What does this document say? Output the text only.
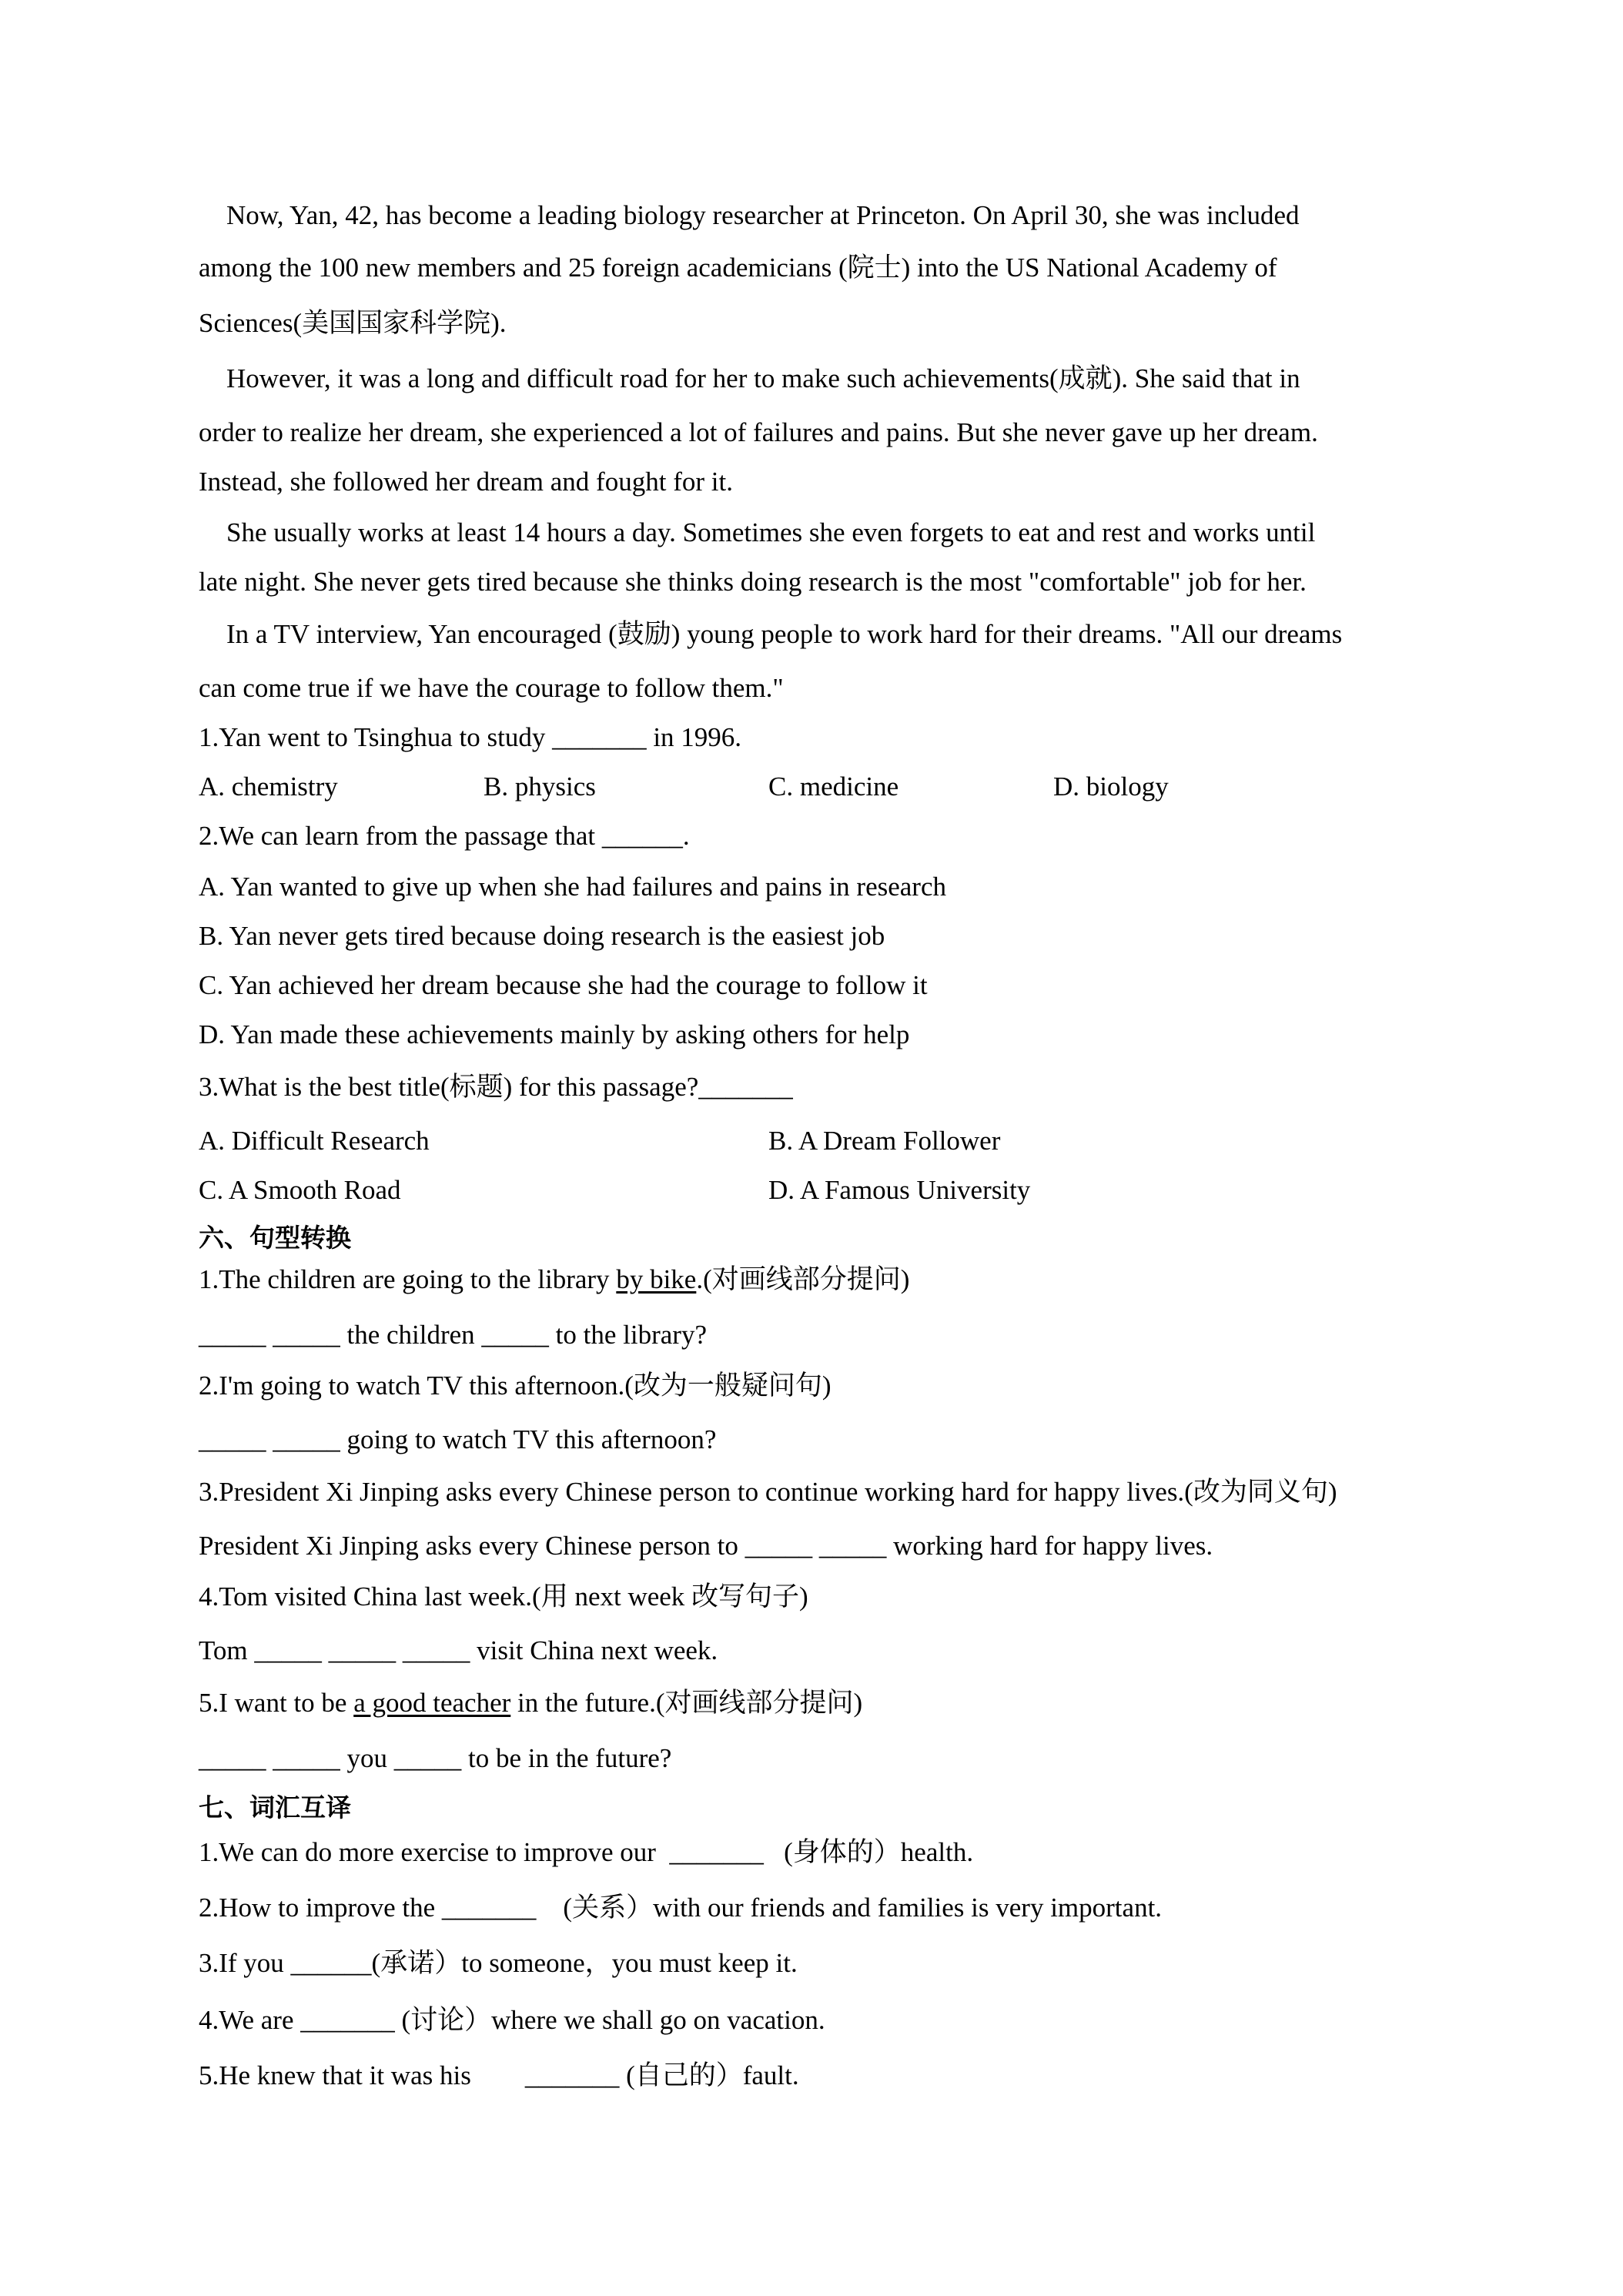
Now, Yan, 42, has become a leading biology researcher at Princeton. On April 30, she was included
among the 100 new members and 25 foreign academicians (院士) into the US National Academy of
Sciences(美国国家科学院).
However, it was a long and difficult road for her to make such achievements(成就). She said that in
order to realize her dream, she experienced a lot of failures and pains. But she never gave up her dream.
Instead, she followed her dream and fought for it.
She usually works at least 14 hours a day. Sometimes she even forgets to eat and rest and works until
late night. She never gets tired because she thinks doing research is the most "comfortable" job for her.
In a TV interview, Yan encouraged (鼓励) young people to work hard for their dreams. "All our dreams
can come true if we have the courage to follow them."
1.Yan went to Tsinghua to study _______ in 1996.
A. chemistry	B. physics	C. medicine	D. biology
2.We can learn from the passage that ______.
A. Yan wanted to give up when she had failures and pains in research
B. Yan never gets tired because doing research is the easiest job
C. Yan achieved her dream because she had the courage to follow it
D. Yan made these achievements mainly by asking others for help
3.What is the best title(标题) for this passage?_______
A. Difficult Research	B. A Dream Follower
C. A Smooth Road	D. A Famous University
六、句型转换
1.The children are going to the library by bike.(对画线部分提问)
_____ _____ the children _____ to the library?
2.I'm going to watch TV this afternoon.(改为一般疑问句)
_____ _____ going to watch TV this afternoon?
3.President Xi Jinping asks every Chinese person to continue working hard for happy lives.(改为同义句)
President Xi Jinping asks every Chinese person to _____ _____ working hard for happy lives.
4.Tom visited China last week.(用 next week 改写句子)
Tom _____ _____ _____ visit China next week.
5.I want to be a good teacher in the future.(对画线部分提问)
_____ _____ you _____ to be in the future?
七、词汇互译
1.We can do more exercise to improve our  _______   (身体的）health.
2.How to improve the _______    (关系）with our friends and families is very important.
3.If you ______(承诺）to someone，you must keep it.
4.We are _______ (讨论）where we shall go on vacation.
5.He knew that it was his        _______ (自己的）fault.
